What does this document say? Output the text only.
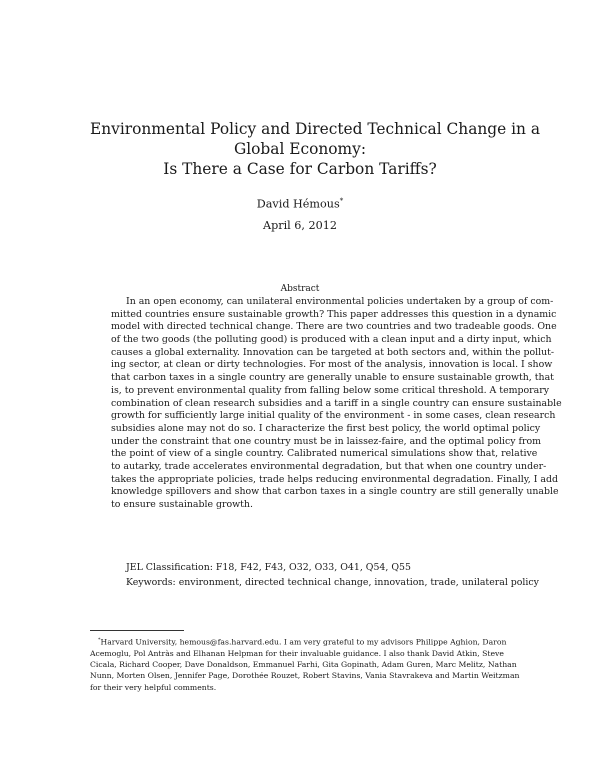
Environmental Policy and Directed Technical Change in a
Global Economy:
Is There a Case for Carbon Tariffs?
David Hémous*
April 6, 2012
Abstract
In an open economy, can unilateral environmental policies undertaken by a group of com-
mitted countries ensure sustainable growth? This paper addresses this question in a dynamic
model with directed technical change. There are two countries and two tradeable goods. One
of the two goods (the polluting good) is produced with a clean input and a dirty input, which
causes a global externality. Innovation can be targeted at both sectors and, within the pollut-
ing sector, at clean or dirty technologies. For most of the analysis, innovation is local. I show
that carbon taxes in a single country are generally unable to ensure sustainable growth, that
is, to prevent environmental quality from falling below some critical threshold. A temporary
combination of clean research subsidies and a tariff in a single country can ensure sustainable
growth for sufficiently large initial quality of the environment - in some cases, clean research
subsidies alone may not do so. I characterize the first best policy, the world optimal policy
under the constraint that one country must be in laissez-faire, and the optimal policy from
the point of view of a single country. Calibrated numerical simulations show that, relative
to autarky, trade accelerates environmental degradation, but that when one country under-
takes the appropriate policies, trade helps reducing environmental degradation. Finally, I add
knowledge spillovers and show that carbon taxes in a single country are still generally unable
to ensure sustainable growth.
JEL Classification: F18, F42, F43, O32, O33, O41, Q54, Q55
Keywords: environment, directed technical change, innovation, trade, unilateral policy
*Harvard University, hemous@fas.harvard.edu. I am very grateful to my advisors Philippe Aghion, Daron
Acemoglu, Pol Antràs and Elhanan Helpman for their invaluable guidance. I also thank David Atkin, Steve
Cicala, Richard Cooper, Dave Donaldson, Emmanuel Farhi, Gita Gopinath, Adam Guren, Marc Melitz, Nathan
Nunn, Morten Olsen, Jennifer Page, Dorothée Rouzet, Robert Stavins, Vania Stavrakeva and Martin Weitzman
for their very helpful comments.
